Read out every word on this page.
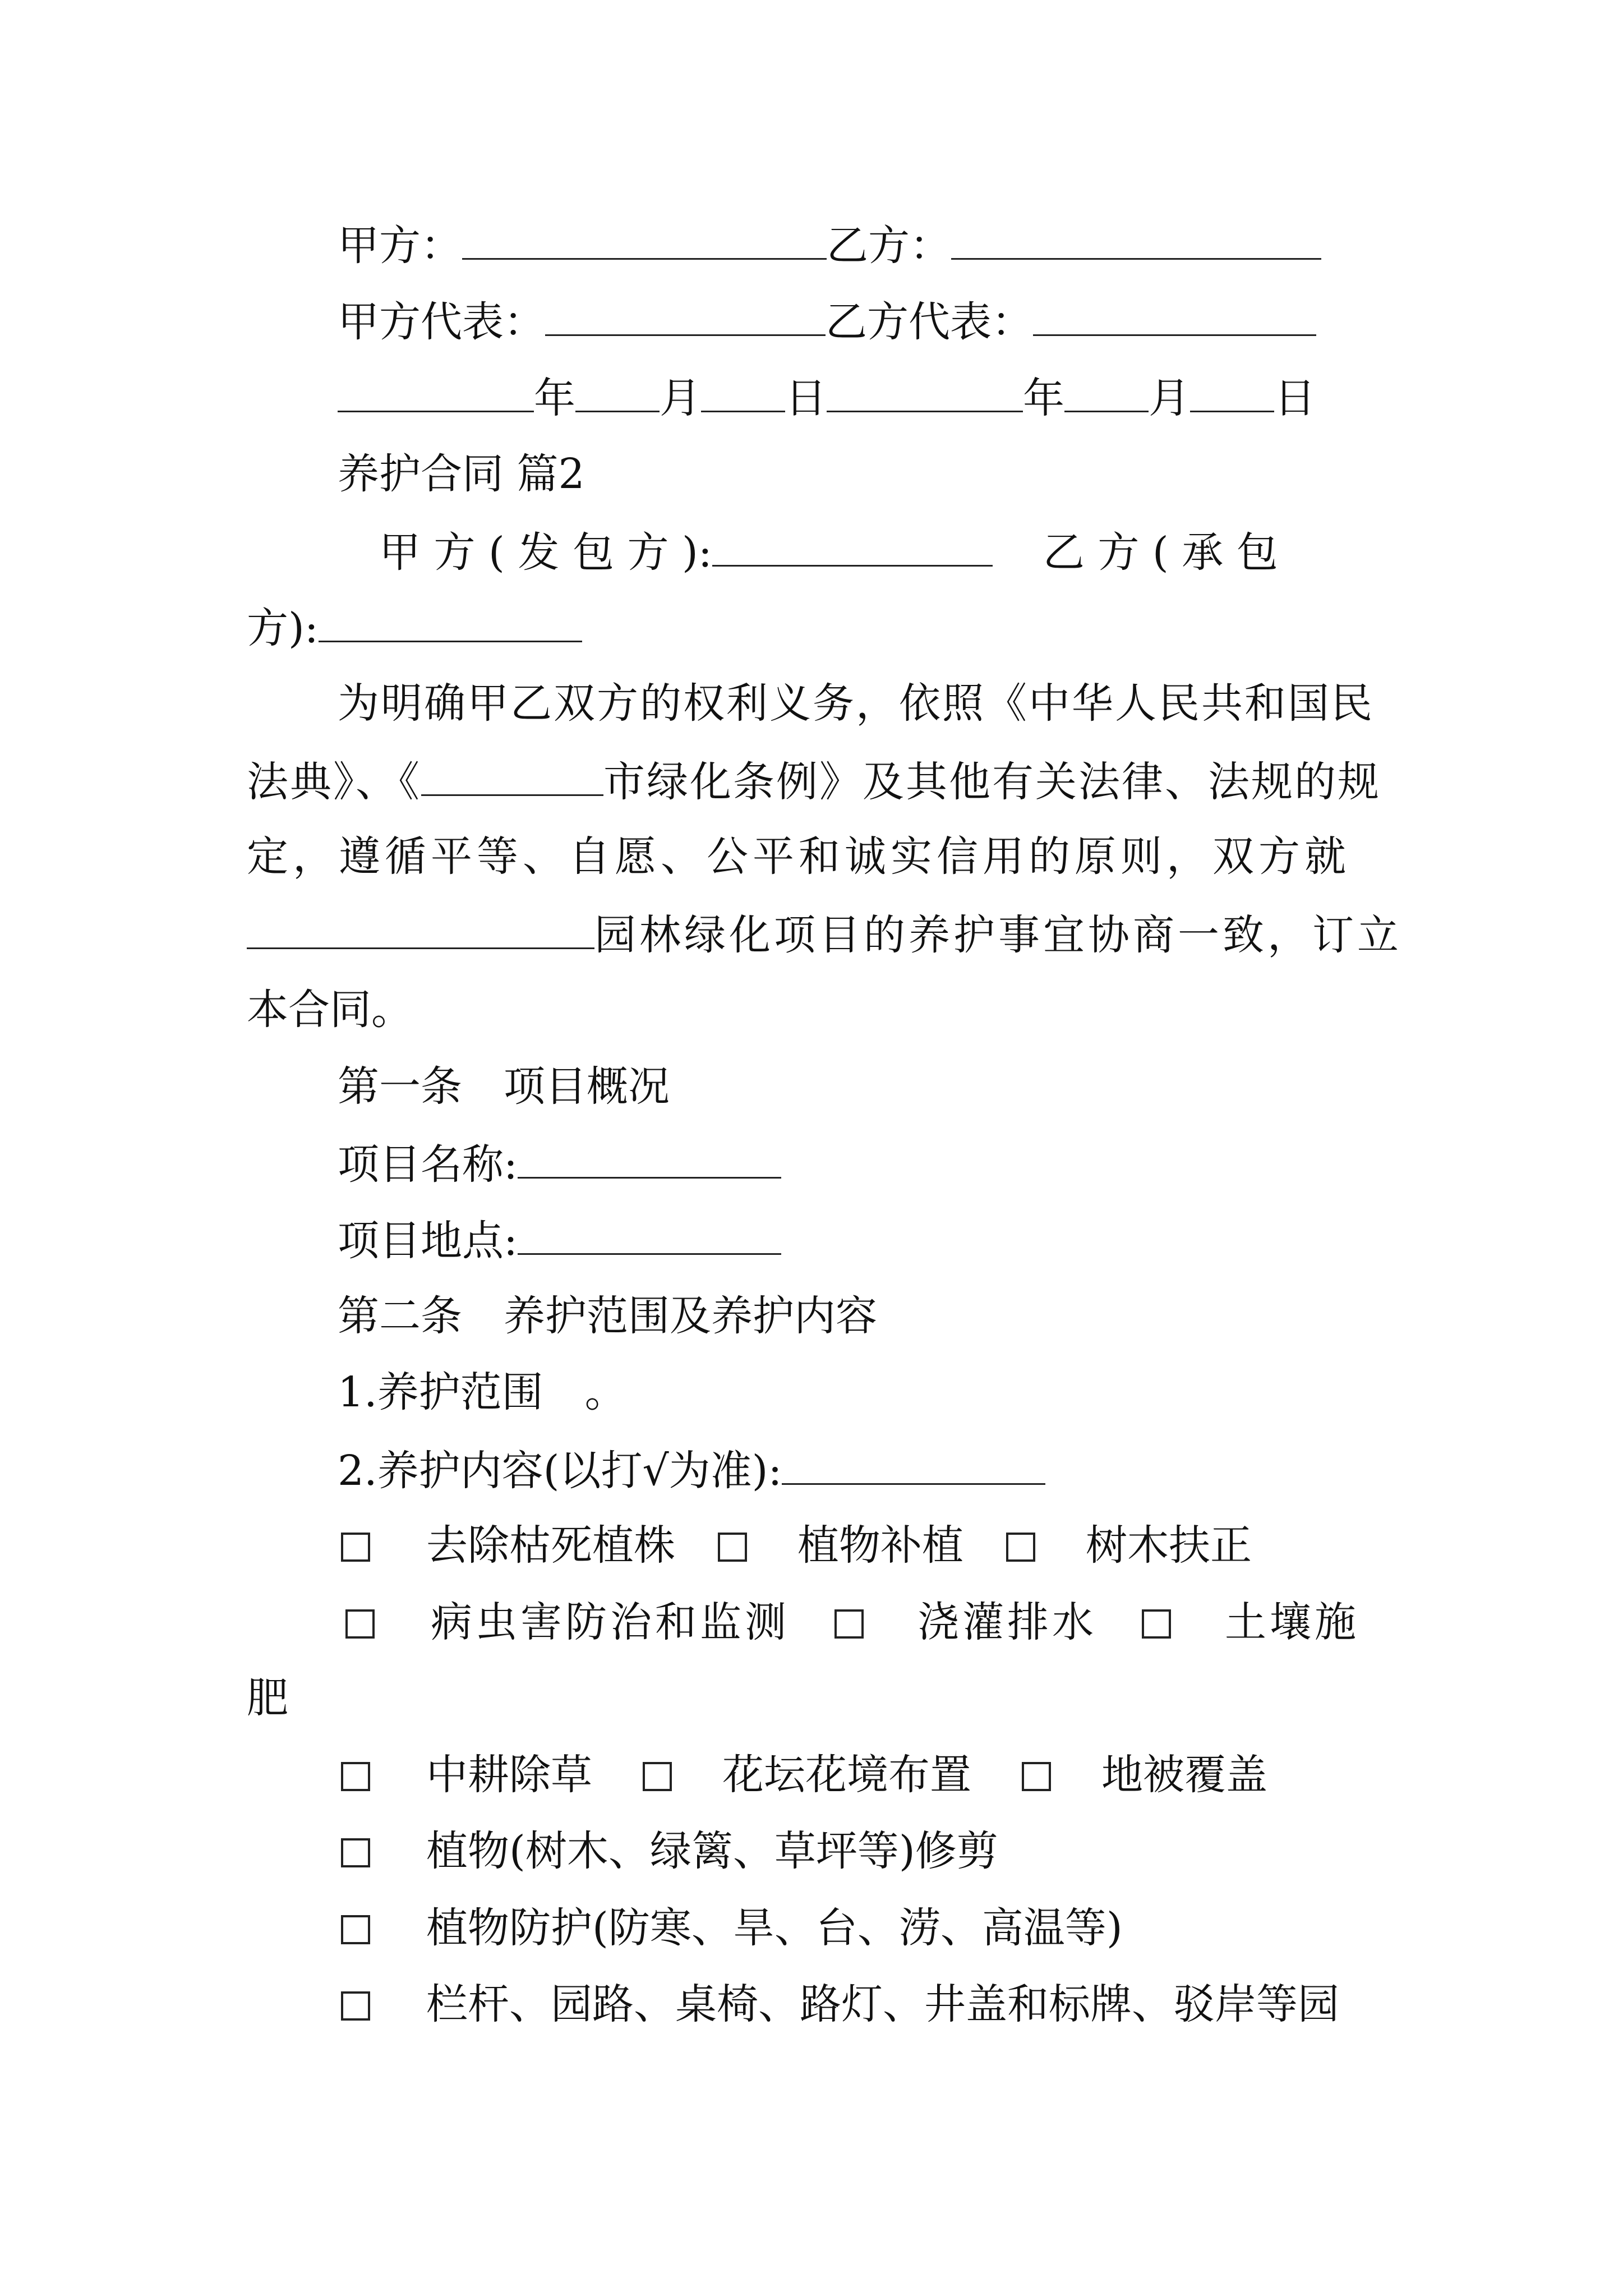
甲方：	乙方：
甲方代表：	乙方代表：
年 月 日	年 月 日
养护合同 篇2
甲 方 ( 发 包 方 ):	乙 方 ( 承 包
方):
为明确甲乙双方的权利义务，依照《中华人民共和国民
法典》、《	市绿化条例》及其他有关法律、法规的规
定，遵循平等、自愿、公平和诚实信用的原则，双方就
园林绿化项目的养护事宜协商一致，订立
本合同。
第一条　项目概况
项目名称:
项目地点:
第二条　养护范围及养护内容
1.养护范围　。
2.养护内容(以打√为准):
去除枯死植株	植物补植	树木扶正
病虫害防治和监测	浇灌排水	土壤施
肥
中耕除草	花坛花境布置	地被覆盖
植物(树木、绿篱、草坪等)修剪
植物防护(防寒、旱、台、涝、高温等)
栏杆、园路、桌椅、路灯、井盖和标牌、驳岸等园
